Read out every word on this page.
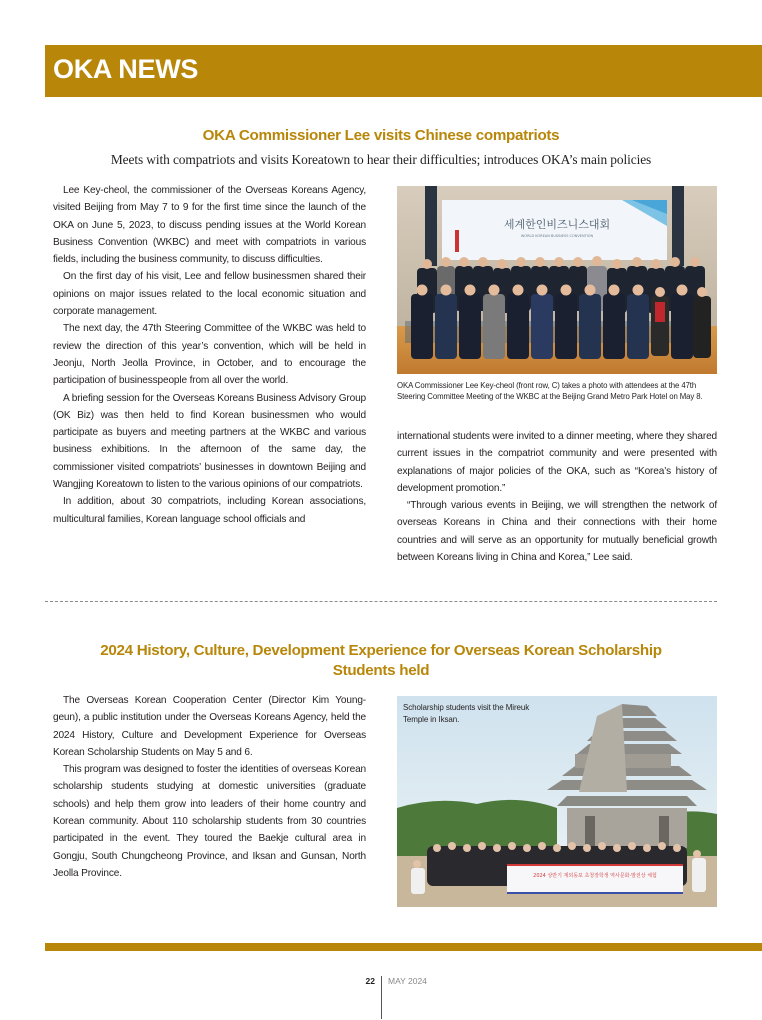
OKA NEWS
OKA Commissioner Lee visits Chinese compatriots
Meets with compatriots and visits Koreatown to hear their difficulties; introduces OKA’s main policies

Lee Key-cheol, the commissioner of the Overseas Koreans Agency, visited Beijing from May 7 to 9 for the first time since the launch of the OKA on June 5, 2023, to discuss pending issues at the World Korean Business Convention (WKBC) and meet with compatriots in various fields, including the business community, to discuss difficulties.

On the first day of his visit, Lee and fellow businessmen shared their opinions on major issues related to the local economic situation and corporate management.

The next day, the 47th Steering Committee of the WKBC was held to review the direction of this year’s convention, which will be held in Jeonju, North Jeolla Province, in October, and to encourage the participation of businesspeople from all over the world.

A briefing session for the Overseas Koreans Business Advisory Group (OK Biz) was then held to find Korean businessmen who would participate as buyers and meeting partners at the WKBC and various business exhibitions. In the afternoon of the same day, the commissioner visited compatriots’ businesses in downtown Beijing and Wangjing Koreatown to listen to the various opinions of our compatriots.

In addition, about 30 compatriots, including Korean associations, multicultural families, Korean language school officials and

세계한인비즈니스대회
WORLD KOREAN BUSINESS CONVENTION
OKA Commissioner Lee Key-cheol (front row, C) takes a photo with attendees at the 47th Steering Committee Meeting of the WKBC at the Beijing Grand Metro Park Hotel on May 8.

international students were invited to a dinner meeting, where they shared current issues in the compatriot community and were presented with explanations of major policies of the OKA, such as “Korea’s history of development promotion.”

“Through various events in Beijing, we will strengthen the network of overseas Koreans in China and their connections with their home countries and will serve as an opportunity for mutually beneficial growth between Koreans living in China and Korea,” Lee said.

2024 History, Culture, Development Experience for Overseas Korean Scholarship
Students held

The Overseas Korean Cooperation Center (Director Kim Young-geun), a public institution under the Overseas Koreans Agency, held the 2024 History, Culture and Development Experience for Overseas Korean Scholarship Students on May 5 and 6.

This program was designed to foster the identities of overseas Korean scholarship students studying at domestic universities (graduate schools) and help them grow into leaders of their home country and Korean community. About 110 scholarship students from 30 countries participated in the event. They toured the Baekje cultural area in Gongju, South Chungcheong Province, and Iksan and Gunsan, North Jeolla Province.	2024 상반기 재외동포 초청장학생 역사문화·발전상 체험
Scholarship students visit the Mireuk Temple in Iksan.
22 MAY 2024
